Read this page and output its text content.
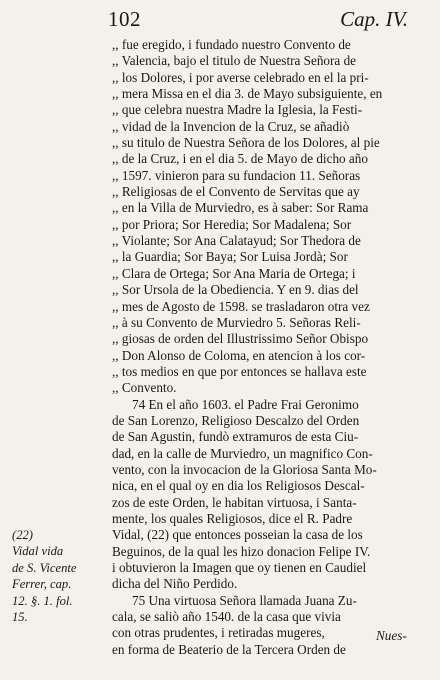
102	Cap. IV.
,, fue eregido, i fundado nuestro Convento de
,, Valencia, bajo el titulo de Nuestra Señora de
,, los Dolores, i por averse celebrado en el la pri-
,, mera Missa en el dia 3. de Mayo subsiguiente, en
,, que celebra nuestra Madre la Iglesia, la Festi-
,, vidad de la Invencion de la Cruz, se añadiò
,, su titulo de Nuestra Señora de los Dolores, al pie
,, de la Cruz, i en el dia 5. de Mayo de dicho año
,, 1597. vinieron para su fundacion 11. Señoras
,, Religiosas de el Convento de Servitas que ay
,, en la Villa de Murviedro, es à saber: Sor Rama
,, por Priora; Sor Heredia; Sor Madalena; Sor
,, Violante; Sor Ana Calatayud; Sor Thedora de
,, la Guardia; Sor Baya; Sor Luisa Jordà; Sor
,, Clara de Ortega; Sor Ana Maria de Ortega; i
,, Sor Ursola de la Obediencia. Y en 9. dias del
,, mes de Agosto de 1598. se trasladaron otra vez
,, à su Convento de Murviedro 5. Señoras Reli-
,, giosas de orden del Illustrissimo Señor Obispo
,, Don Alonso de Coloma, en atencion à los cor-
,, tos medios en que por entonces se hallava este
,, Convento.
74 En el año 1603. el Padre Frai Geronimo
de San Lorenzo, Religioso Descalzo del Orden
de San Agustin, fundò extramuros de esta Ciu-
dad, en la calle de Murviedro, un magnifico Con-
vento, con la invocacion de la Gloriosa Santa Mo-
nica, en el qual oy en dia los Religiosos Descal-
zos de este Orden, le habitan virtuosa, i Santa-
mente, los quales Religiosos, dice el R. Padre
Vidal, (22) que entonces posseian la casa de los
Beguinos, de la qual les hizo donacion Felipe IV.
i obtuvieron la Imagen que oy tienen en Caudiel
dicha del Niño Perdido.
75 Una virtuosa Señora llamada Juana Zu-
cala, se saliò año 1540. de la casa que vivia
con otras prudentes, i retiradas mugeres,
en forma de Beaterio de la Tercera Orden de
(22)
Vidal vida
de S. Vicente
Ferrer, cap.
12. §. 1. fol.
15.
Nues-
